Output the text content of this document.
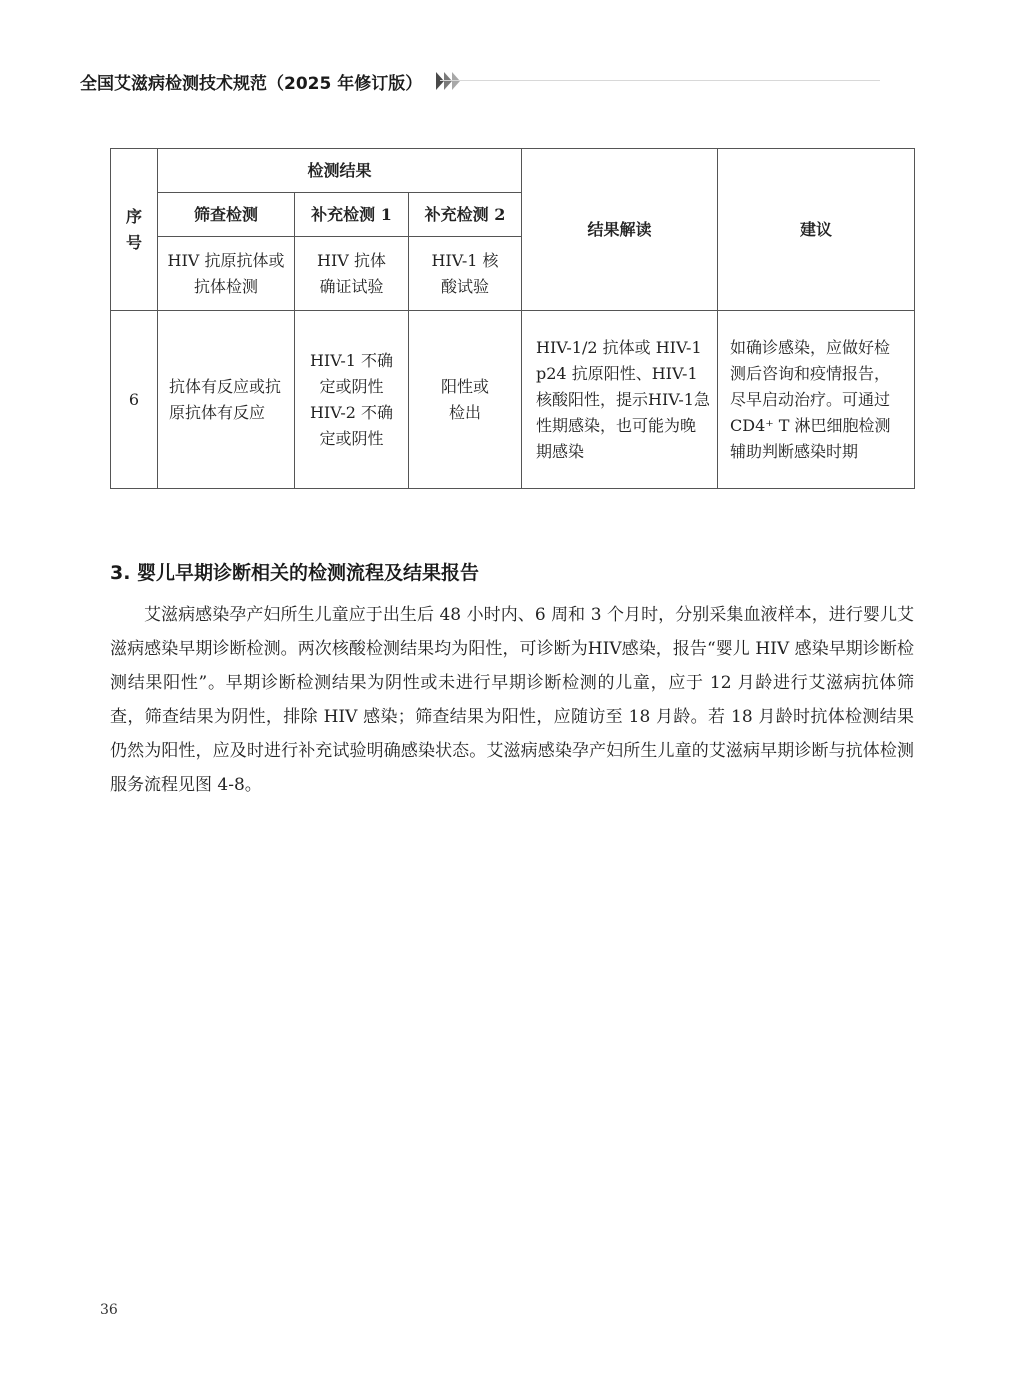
全国艾滋病检测技术规范（2025 年修订版）
序号	检测结果			结果解读	建议
	筛查检测	补充检测 1	补充检测 2		

	HIV 抗原抗体或抗体检测	HIV 抗体确证试验	HIV-1 核酸试验		

6	抗体有反应或抗原抗体有反应	HIV-1 不确定或阴性 HIV-2 不确定或阴性	阳性或检出	HIV-1/2 抗体或 HIV-1 p24 抗原阳性、HIV-1 核酸阳性，提示HIV-1急性期感染，也可能为晚期感染	如确诊感染，应做好检测后咨询和疫情报告，尽早启动治疗。可通过 CD4⁺ T 淋巴细胞检测辅助判断感染时期
3. 婴儿早期诊断相关的检测流程及结果报告

艾滋病感染孕产妇所生儿童应于出生后 48 小时内、6 周和 3 个月时，分别采集血液样本，进行婴儿艾滋病感染早期诊断检测。两次核酸检测结果均为阳性，可诊断为HIV感染，报告“婴儿 HIV 感染早期诊断检测结果阳性”。早期诊断检测结果为阴性或未进行早期诊断检测的儿童，应于 12 月龄进行艾滋病抗体筛查，筛查结果为阴性，排除 HIV 感染；筛查结果为阳性，应随访至 18 月龄。若 18 月龄时抗体检测结果仍然为阳性，应及时进行补充试验明确感染状态。艾滋病感染孕产妇所生儿童的艾滋病早期诊断与抗体检测服务流程见图 4-8。

36
